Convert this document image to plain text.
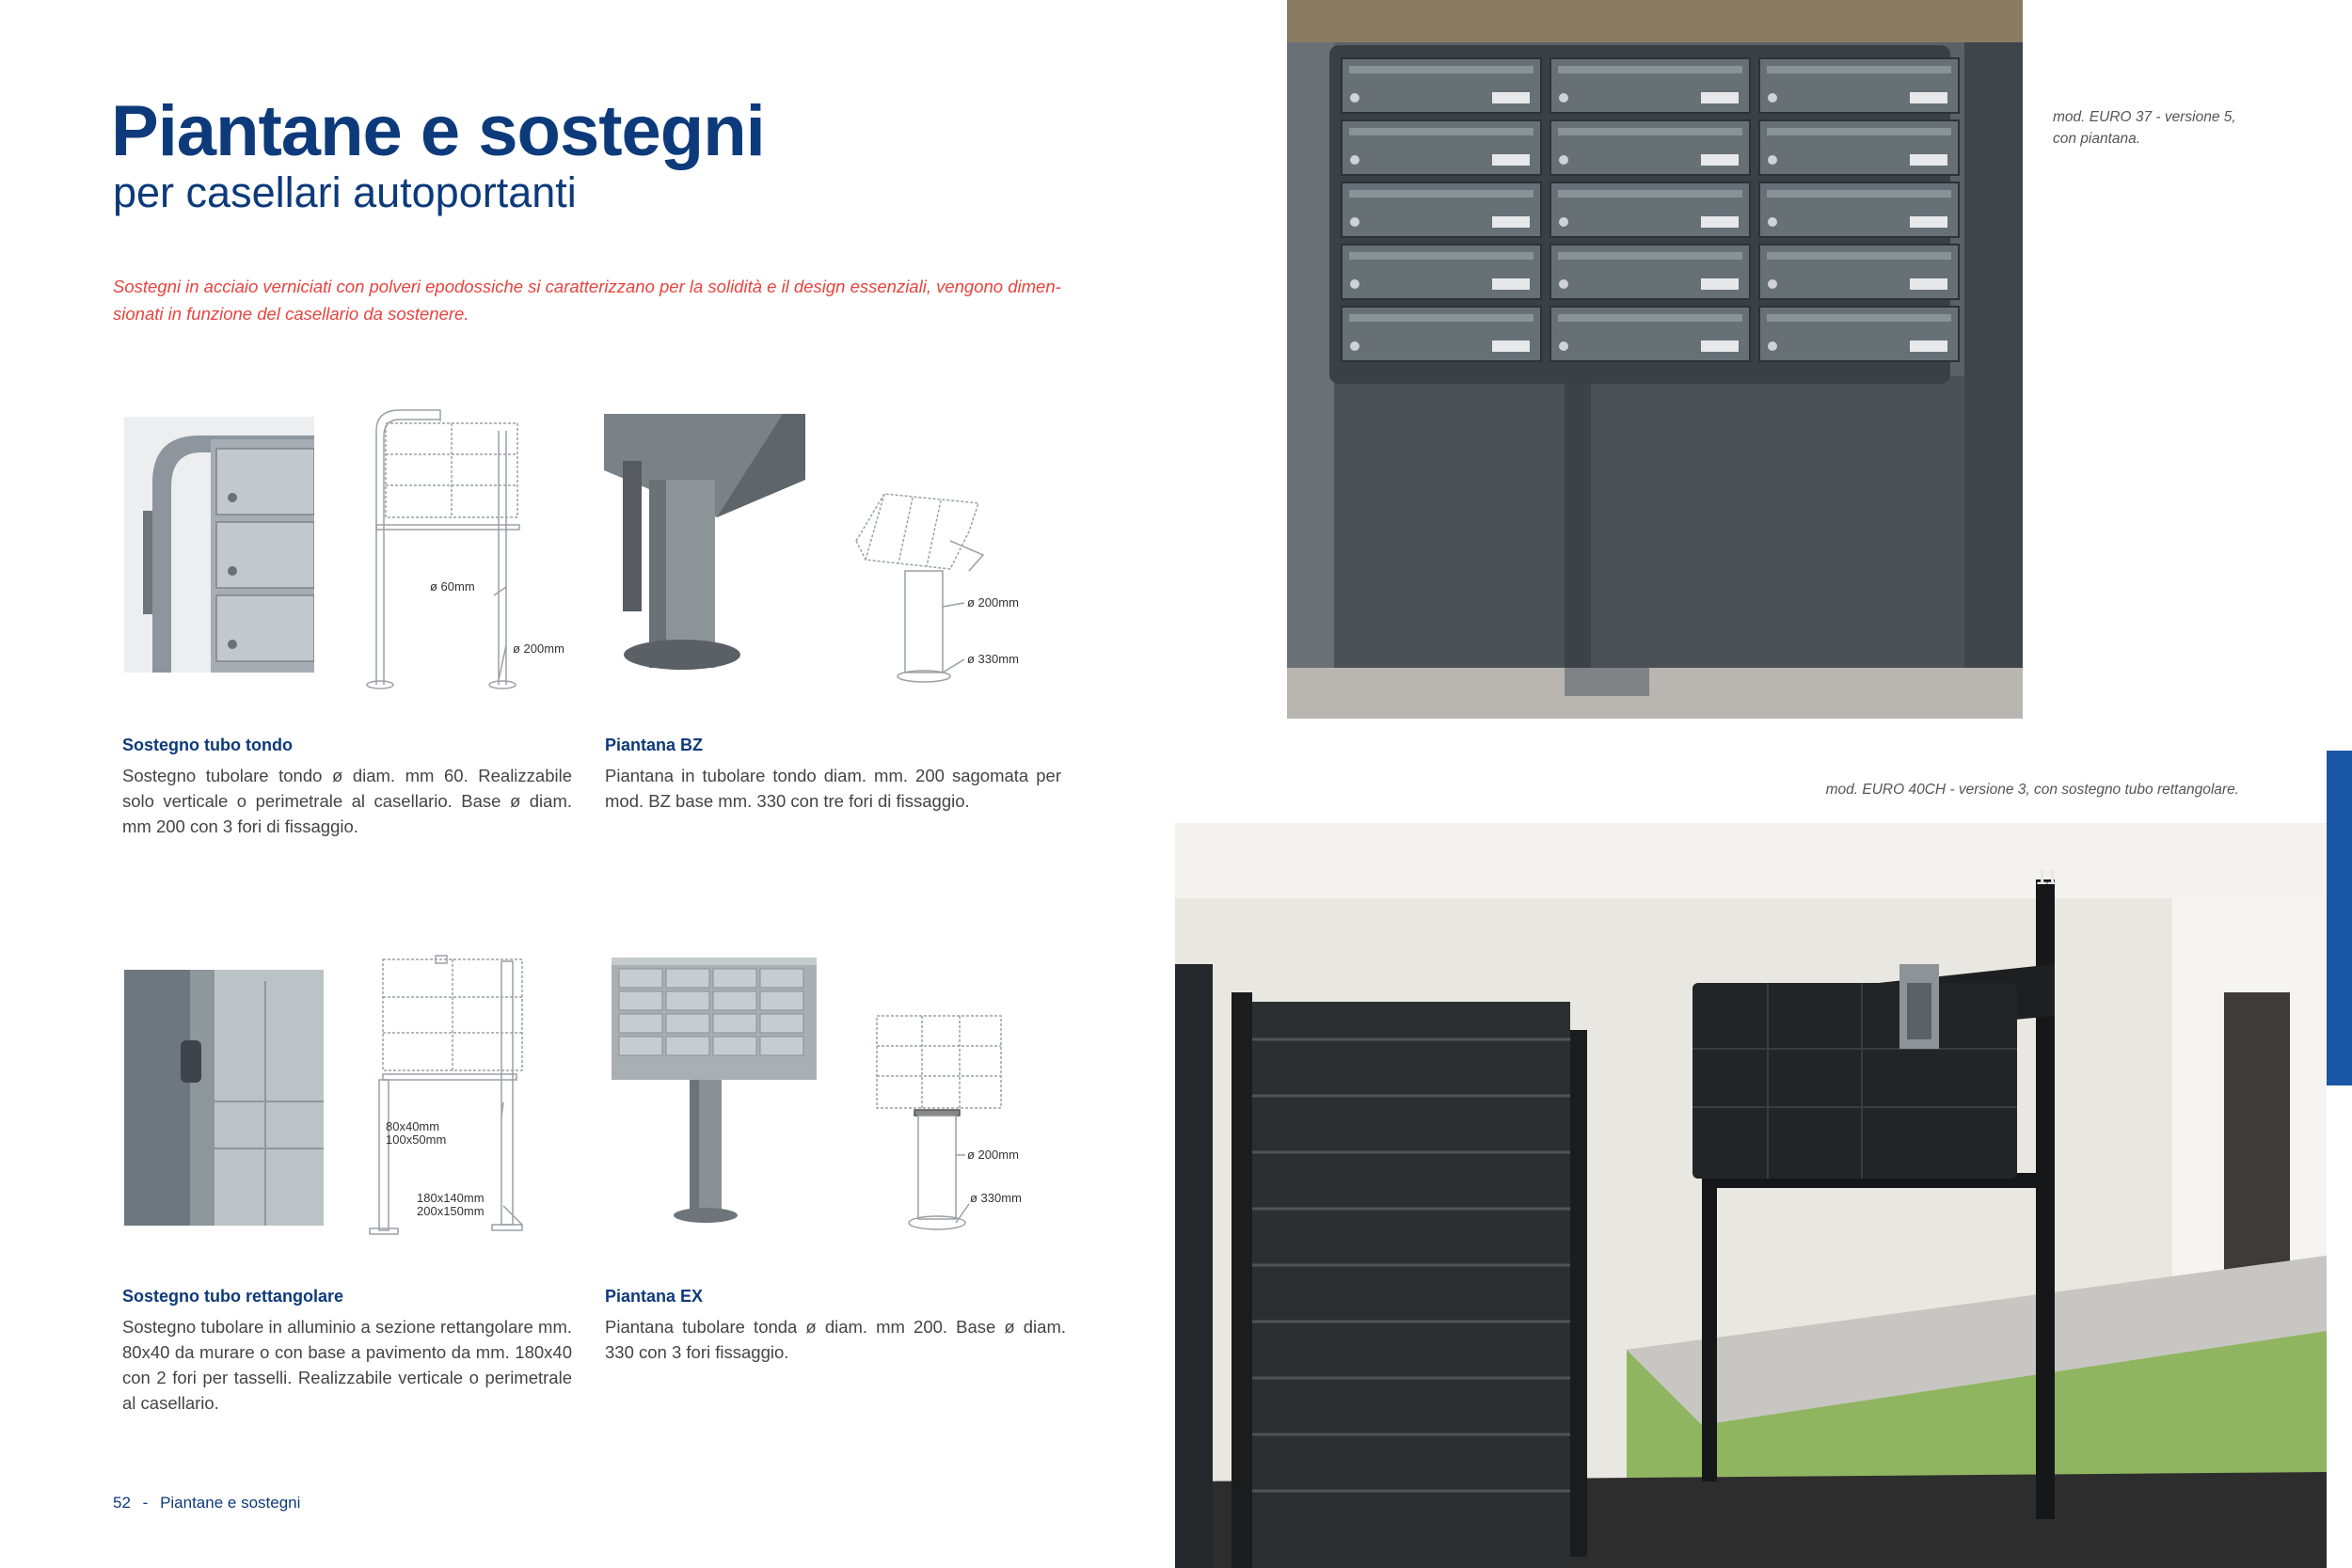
Piantane e sostegni
per casellari autoportanti
Sostegni in acciaio verniciati con polveri epodossiche si caratterizzano per la solidità e il design essenziali, vengono dimen-sionati in funzione del casellario da sostenere.
ø 60mm
ø 200mm
Sostegno tubo tondo
Sostegno tubolare tondo ø diam. mm 60. Realizzabile solo verticale o perimetrale al casellario. Base ø diam. mm 200 con 3 fori di fissaggio.
ø 200mm
ø 330mm
Piantana BZ
Piantana in tubolare tondo diam. mm. 200 sagomata per mod. BZ base mm. 330 con tre fori di fissaggio.
80x40mm
100x50mm
180x140mm
200x150mm
Sostegno tubo rettangolare
Sostegno tubolare in alluminio a sezione rettangolare mm. 80x40 da murare o con base a pavimento da mm. 180x40 con 2 fori per tasselli. Realizzabile verticale o perimetrale al casellario.
ø 200mm
ø 330mm
Piantana EX
Piantana tubolare tonda ø diam. mm 200. Base ø diam. 330 con 3 fori fissaggio.
52 - Piantane e sostegni
mod. EURO 37 - versione 5, con piantana.
mod. EURO 40CH - versione 3, con sostegno tubo rettangolare.
11
